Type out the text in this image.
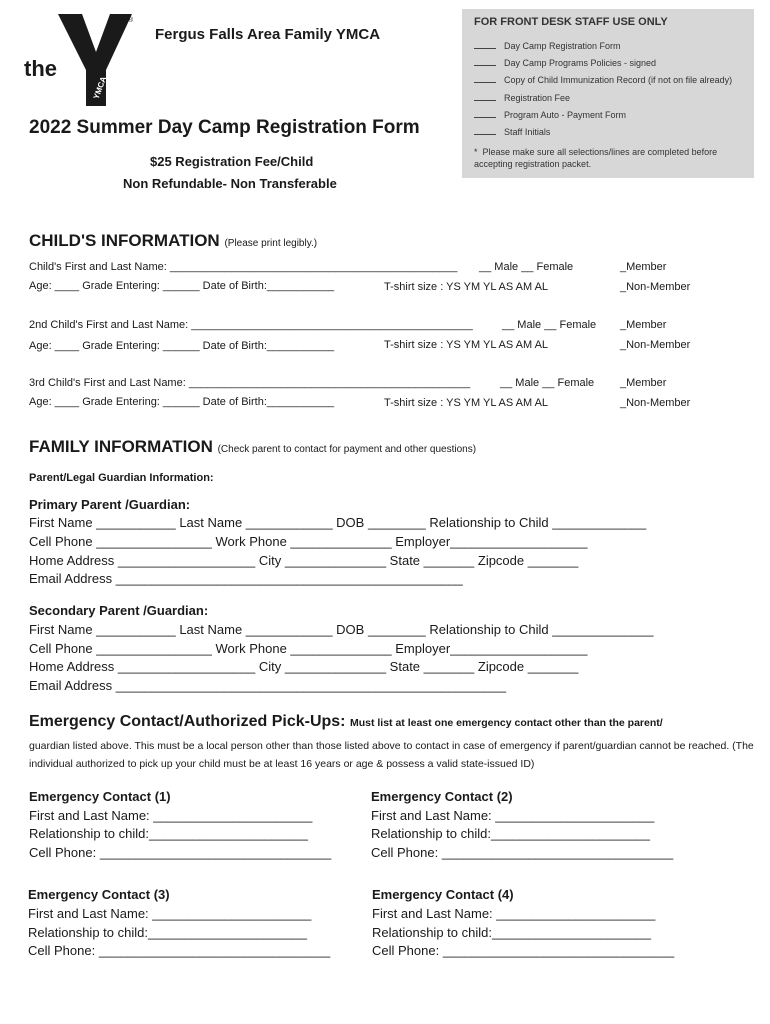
the
YMCA
®
Fergus Falls Area Family YMCA
2022 Summer Day Camp Registration Form
$25 Registration Fee/Child
Non Refundable- Non Transferable
FOR FRONT DESK STAFF USE ONLY
Day Camp Registration Form
Day Camp Programs Policies - signed
Copy of Child Immunization Record (if not on file already)
Registration Fee
Program Auto - Payment Form
Staff Initials
* Please make sure all selections/lines are completed before accepting registration packet.
CHILD'S INFORMATION (Please print legibly.)
Child's First and Last Name: _______________________________________________ __ Male __ Female	_Member
Age: ____ Grade Entering: ______ Date of Birth:___________	T-shirt size : YS YM YL AS AM AL	_Non-Member
2nd Child's First and Last Name: ______________________________________________	__ Male __ Female _Member
Age: ____ Grade Entering: ______ Date of Birth:___________	T-shirt size : YS YM YL AS AM AL	_Non-Member
3rd Child's First and Last Name: ______________________________________________	__ Male __ Female _Member
Age: ____ Grade Entering: ______ Date of Birth:___________	T-shirt size : YS YM YL AS AM AL	_Non-Member
FAMILY INFORMATION (Check parent to contact for payment and other questions)
Parent/Legal Guardian Information:
Primary Parent /Guardian:
First Name ___________ Last Name ____________ DOB ________ Relationship to Child _____________
Cell Phone ________________ Work Phone ______________ Employer___________________
Home Address ___________________ City ______________ State _______ Zipcode _______
Email Address ________________________________________________
Secondary Parent /Guardian:
First Name ___________ Last Name ____________ DOB ________ Relationship to Child ______________
Cell Phone ________________ Work Phone ______________ Employer___________________
Home Address ___________________ City ______________ State _______ Zipcode _______
Email Address ______________________________________________________
Emergency Contact/Authorized Pick-Ups: Must list at least one emergency contact other than the parent/
guardian listed above. This must be a local person other than those listed above to contact in case of emergency if parent/guardian cannot be reached. (The individual authorized to pick up your child must be at least 16 years or age & possess a valid state-issued ID)
Emergency Contact (1)
First and Last Name: ______________________
Relationship to child:______________________
Cell Phone: ________________________________
Emergency Contact (2)
First and Last Name: ______________________
Relationship to child:______________________
Cell Phone: ________________________________
Emergency Contact (3)
First and Last Name: ______________________
Relationship to child:______________________
Cell Phone: ________________________________
Emergency Contact (4)
First and Last Name: ______________________
Relationship to child:______________________
Cell Phone: ________________________________
